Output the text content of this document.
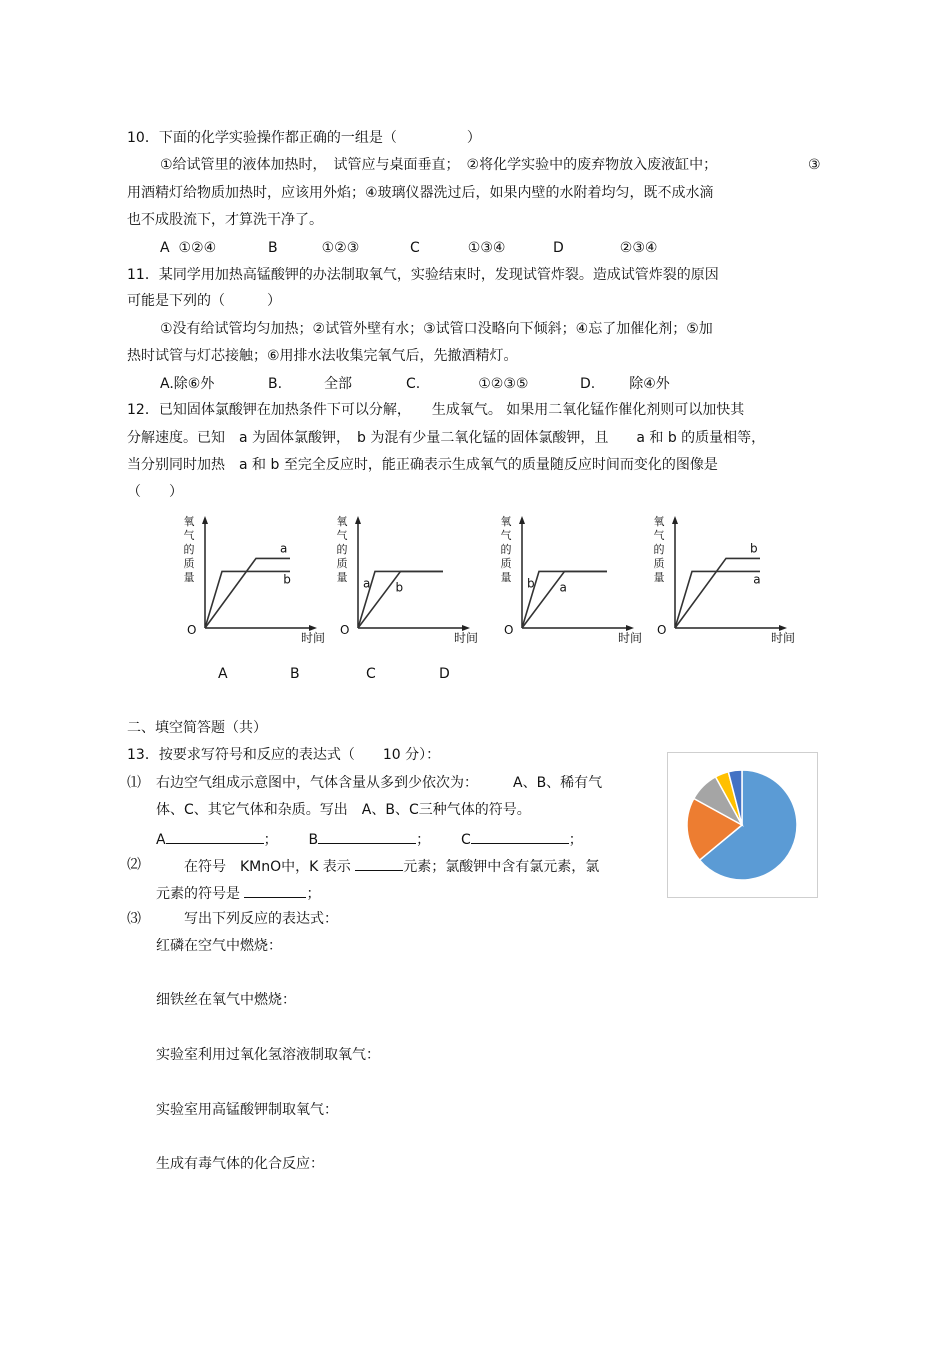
10．下面的化学实验操作都正确的一组是（　　　　　）
①给试管里的液体加热时，　试管应与桌面垂直；　②将化学实验中的废弃物放入废液缸中；	③
用酒精灯给物质加热时，应该用外焰；④玻璃仪器洗过后，如果内壁的水附着均匀，既不成水滴
也不成股流下，才算洗干净了。
A ①②④	B	①②③	C	①③④	D	②③④
11．某同学用加热高锰酸钾的办法制取氧气，实验结束时，发现试管炸裂。造成试管炸裂的原因
可能是下列的（　　　）
①没有给试管均匀加热；②试管外壁有水；③试管口没略向下倾斜；④忘了加催化剂；⑤加
热时试管与灯芯接触；⑥用排水法收集完氧气后，先撤酒精灯。
A.除⑥外	B.	全部	C.	①②③⑤	D. 除④外
12．已知固体氯酸钾在加热条件下可以分解，　　生成氧气。 如果用二氧化锰作催化剂则可以加快其
分解速度。已知　a 为固体氯酸钾，　b 为混有少量二氧化锰的固体氯酸钾，且　　a 和 b 的质量相等，
当分别同时加热　a 和 b 至完全反应时，能正确表示生成氧气的质量随反应时间而变化的图像是
（　　）
氧气的质量
a
b
O
时间
氧气的质量 a b
O
时间
氧气的质量 b a
O
时间
氧气的质量
b
a
O
时间
A	B	C	D
二、填空简答题（共）
13．按要求写符号和反应的表达式（　　10 分）：
⑴ 右边空气组成示意图中，气体含量从多到少依次为：　　　A、B、稀有气
体、C、其它气体和杂质。写出　A、B、C三种气体的符号。
A	； B	； C	；
⑵	在符号　KMnO中，K 表示	元素；氯酸钾中含有氯元素，氯
元素的符号是	；
⑶	写出下列反应的表达式：
红磷在空气中燃烧：
细铁丝在氧气中燃烧：
实验室利用过氧化氢溶液制取氧气：
实验室用高锰酸钾制取氧气：
生成有毒气体的化合反应：
